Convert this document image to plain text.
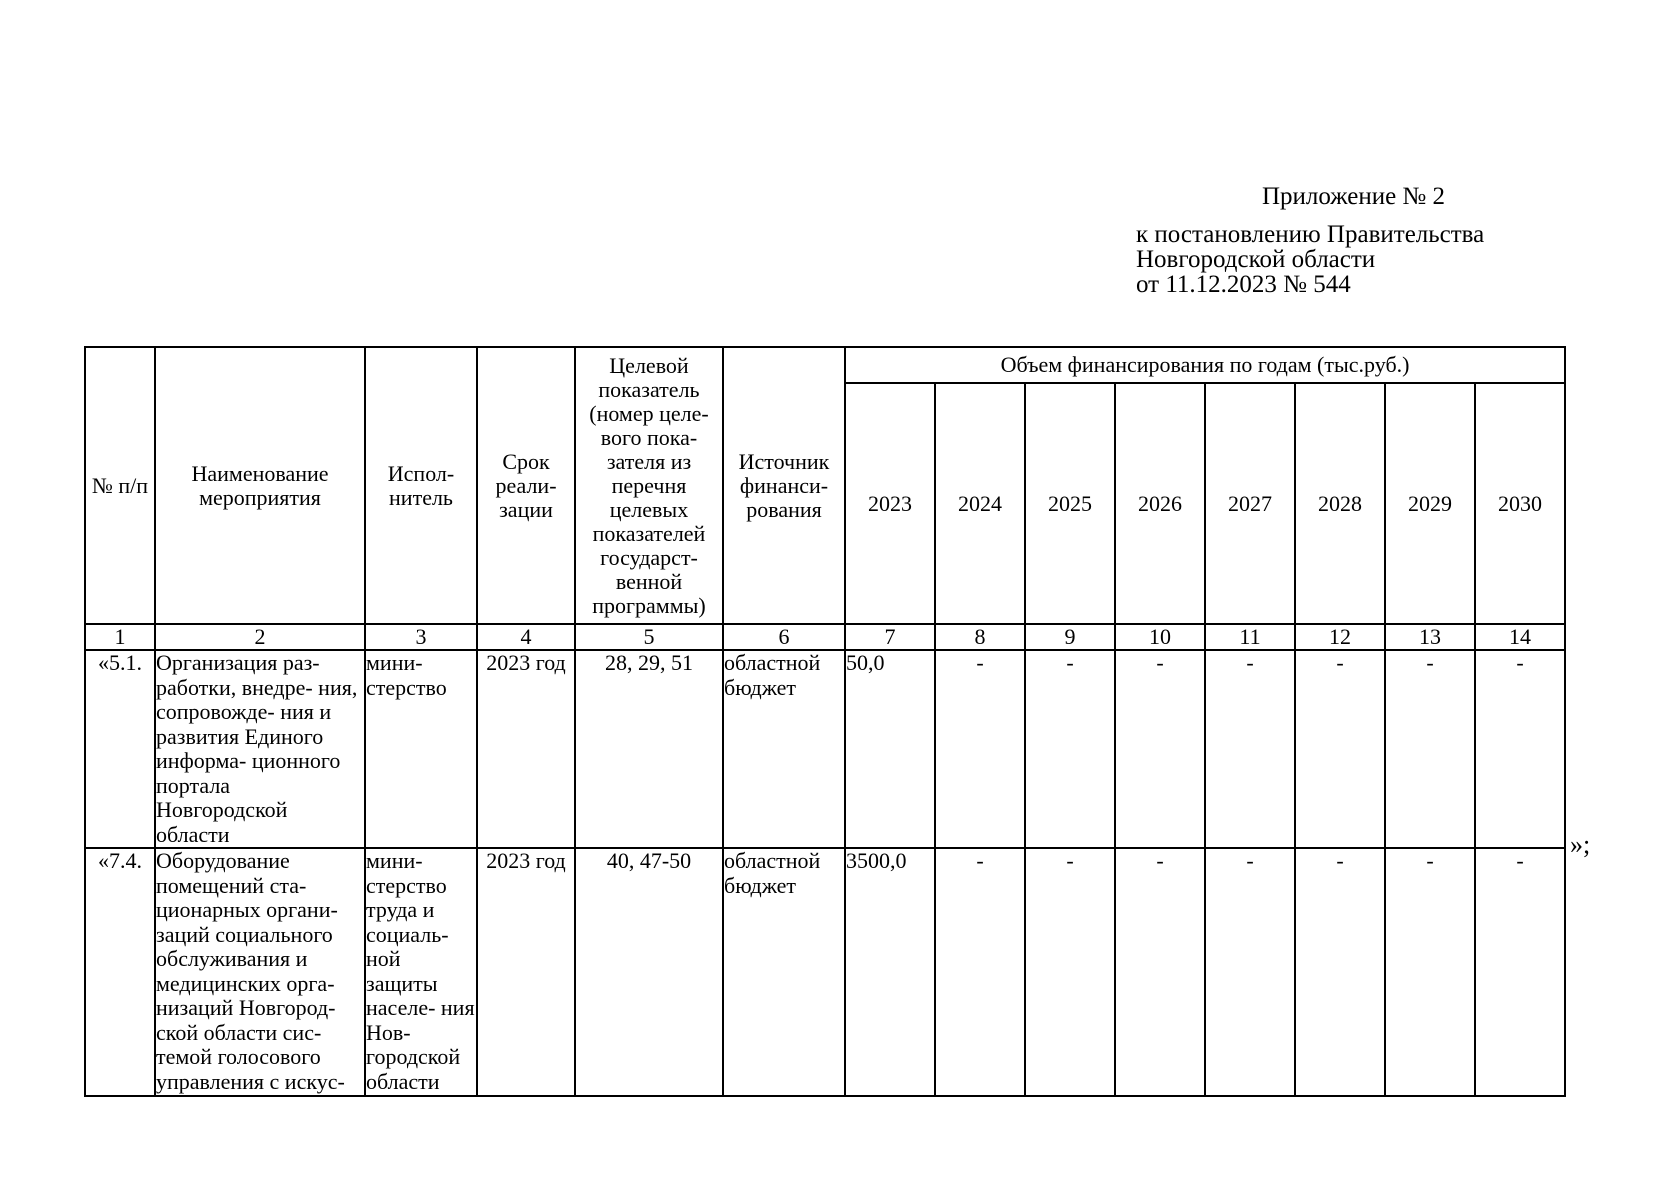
Приложение № 2
к постановлению Правительства
Новгородской области
от 11.12.2023 № 544
№ п/п	Наименование мероприятия	Испол- нитель	Срок реали- зации	Целевой показатель (номер целе- вого пока- зателя из перечня целевых показателей государст- венной программы)	Источник финанси- рования	Объем финансирования по годам (тыс.руб.)							
						2023	2024	2025	2026	2027	2028	2029	2030
1	2	3	4	5	6	7	8	9	10	11	12	13	14
«5.1.	Организация раз- работки, внедре- ния, сопровожде- ния и развития Единого информа- ционного портала Новгородской области	мини- стерство	2023 год	28, 29, 51	областной бюджет	50,0	-	-	-	-	-	-	-
«7.4.	Оборудование помещений ста- ционарных органи- заций социального обслуживания и медицинских орга- низаций Новгород- ской области сис- темой голосового управления с искус-	мини- стерство труда и социаль- ной защиты населе- ния Нов- городской области	2023 год	40, 47-50	областной бюджет	3500,0	-	-	-	-	-	-	-
»;
